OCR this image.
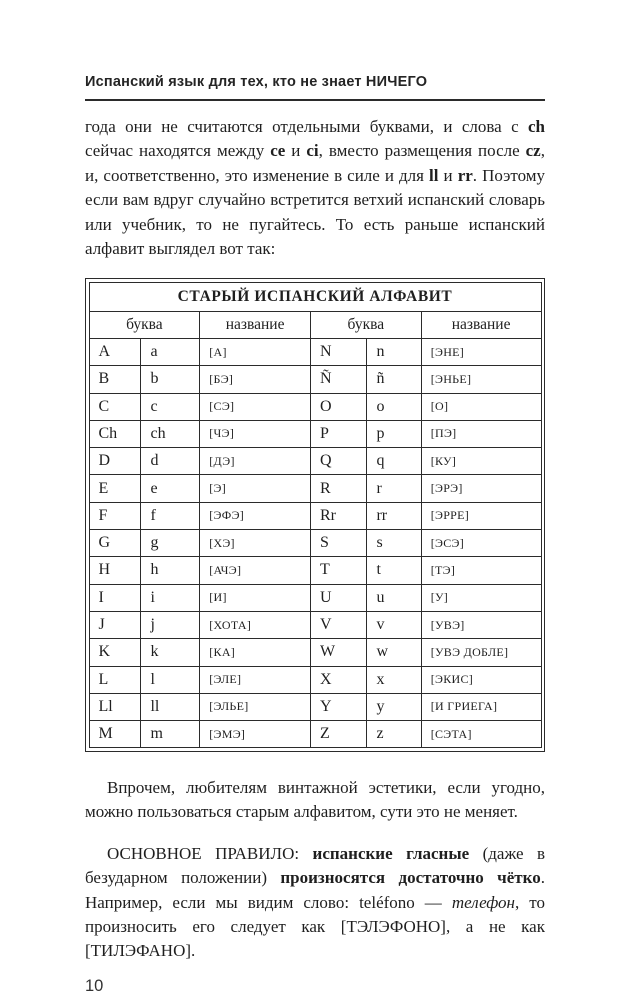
Испанский язык для тех, кто не знает НИЧЕГО

года они не считаются отдельными буквами, и слова с ch сейчас находятся между ce и ci, вместо размещения после cz, и, соответственно, это изменение в силе и для ll и rr. Поэтому если вам вдруг случайно встретится ветхий испанский словарь или учебник, то не пугайтесь. То есть раньше испанский алфавит выглядел вот так:

СТАРЫЙ ИСПАНСКИЙ АЛФАВИТ					
буква		название	буква		название
A	a	[А]	N	n	[ЭНЕ]
B	b	[БЭ]	Ñ	ñ	[ЭНЬЕ]
C	c	[СЭ]	O	o	[О]
Ch	ch	[ЧЭ]	P	p	[ПЭ]
D	d	[ДЭ]	Q	q	[КУ]
E	e	[Э]	R	r	[ЭРЭ]
F	f	[ЭФЭ]	Rr	rr	[ЭРРЕ]
G	g	[ХЭ]	S	s	[ЭСЭ]
H	h	[АЧЭ]	T	t	[ТЭ]
I	i	[И]	U	u	[У]
J	j	[ХОТА]	V	v	[УВЭ]
K	k	[КА]	W	w	[УВЭ ДОБЛЕ]
L	l	[ЭЛЕ]	X	x	[ЭКИС]
Ll	ll	[ЭЛЬЕ]	Y	y	[И ГРИЕГА]
M	m	[ЭМЭ]	Z	z	[СЭТА]

Впрочем, любителям винтажной эстетики, если угодно, можно пользоваться старым алфавитом, сути это не меняет.

ОСНОВНОЕ ПРАВИЛО: испанские гласные (даже в безударном положении) произносятся достаточно чётко. Например, если мы видим слово: teléfono — телефон, то произносить его следует как [ТЭЛЭФОНО], а не как [ТИЛЭФАНО].

10
